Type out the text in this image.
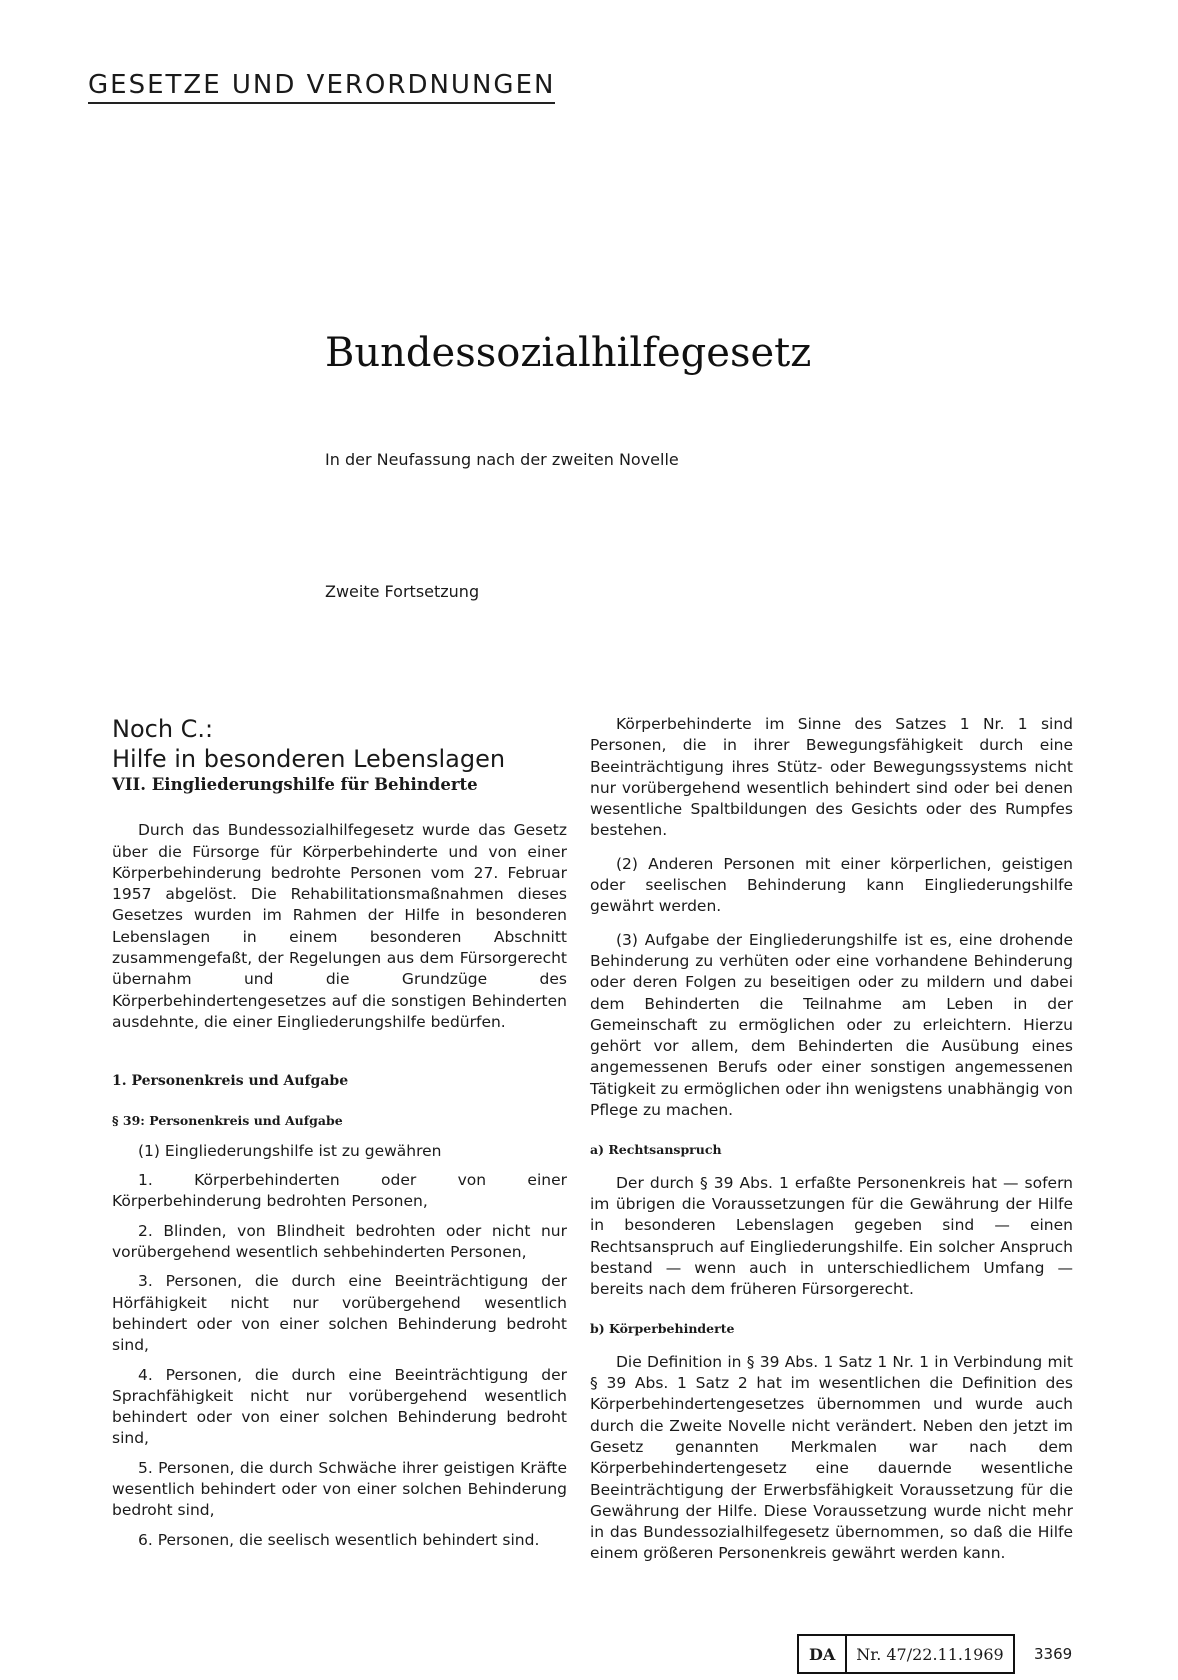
GESETZE UND VERORDNUNGEN
Bundessozialhilfegesetz
In der Neufassung nach der zweiten Novelle
Zweite Fortsetzung

Noch C.:

Hilfe in besonderen Lebenslagen

VII. Eingliederungshilfe für Behinderte

Durch das Bundessozialhilfegesetz wurde das Gesetz über die Fürsorge für Körperbehinderte und von einer Körperbehinderung bedrohte Personen vom 27. Februar 1957 abgelöst. Die Rehabilitationsmaßnahmen dieses Gesetzes wurden im Rahmen der Hilfe in besonderen Lebenslagen in einem besonderen Abschnitt zusammengefaßt, der Regelungen aus dem Fürsorgerecht übernahm und die Grundzüge des Körperbehindertengesetzes auf die sonstigen Behinderten ausdehnte, die einer Eingliederungshilfe bedürfen.

1. Personenkreis und Aufgabe

§ 39: Personenkreis und Aufgabe

(1) Eingliederungshilfe ist zu gewähren

1. Körperbehinderten oder von einer Körperbehinderung bedrohten Personen,

2. Blinden, von Blindheit bedrohten oder nicht nur vorübergehend wesentlich sehbehinderten Personen,

3. Personen, die durch eine Beeinträchtigung der Hörfähigkeit nicht nur vorübergehend wesentlich behindert oder von einer solchen Behinderung bedroht sind,

4. Personen, die durch eine Beeinträchtigung der Sprachfähigkeit nicht nur vorübergehend wesentlich behindert oder von einer solchen Behinderung bedroht sind,

5. Personen, die durch Schwäche ihrer geistigen Kräfte wesentlich behindert oder von einer solchen Behinderung bedroht sind,

6. Personen, die seelisch wesentlich behindert sind.

Körperbehinderte im Sinne des Satzes 1 Nr. 1 sind Personen, die in ihrer Bewegungsfähigkeit durch eine Beeinträchtigung ihres Stütz- oder Bewegungssystems nicht nur vorübergehend wesentlich behindert sind oder bei denen wesentliche Spaltbildungen des Gesichts oder des Rumpfes bestehen.

(2) Anderen Personen mit einer körperlichen, geistigen oder seelischen Behinderung kann Eingliederungshilfe gewährt werden.

(3) Aufgabe der Eingliederungshilfe ist es, eine drohende Behinderung zu verhüten oder eine vorhandene Behinderung oder deren Folgen zu beseitigen oder zu mildern und dabei dem Behinderten die Teilnahme am Leben in der Gemeinschaft zu ermöglichen oder zu erleichtern. Hierzu gehört vor allem, dem Behinderten die Ausübung eines angemessenen Berufs oder einer sonstigen angemessenen Tätigkeit zu ermöglichen oder ihn wenigstens unabhängig von Pflege zu machen.

a) Rechtsanspruch

Der durch § 39 Abs. 1 erfaßte Personenkreis hat — sofern im übrigen die Voraussetzungen für die Gewährung der Hilfe in besonderen Lebenslagen gegeben sind — einen Rechtsanspruch auf Eingliederungshilfe. Ein solcher Anspruch bestand — wenn auch in unterschiedlichem Umfang — bereits nach dem früheren Fürsorgerecht.

b) Körperbehinderte

Die Definition in § 39 Abs. 1 Satz 1 Nr. 1 in Verbindung mit § 39 Abs. 1 Satz 2 hat im wesentlichen die Definition des Körperbehindertengesetzes übernommen und wurde auch durch die Zweite Novelle nicht verändert. Neben den jetzt im Gesetz genannten Merkmalen war nach dem Körperbehindertengesetz eine dauernde wesentliche Beeinträchtigung der Erwerbsfähigkeit Voraussetzung für die Gewährung der Hilfe. Diese Voraussetzung wurde nicht mehr in das Bundessozialhilfegesetz übernommen, so daß die Hilfe einem größeren Personenkreis gewährt werden kann.

DA	Nr. 47/22.11.1969	3369
